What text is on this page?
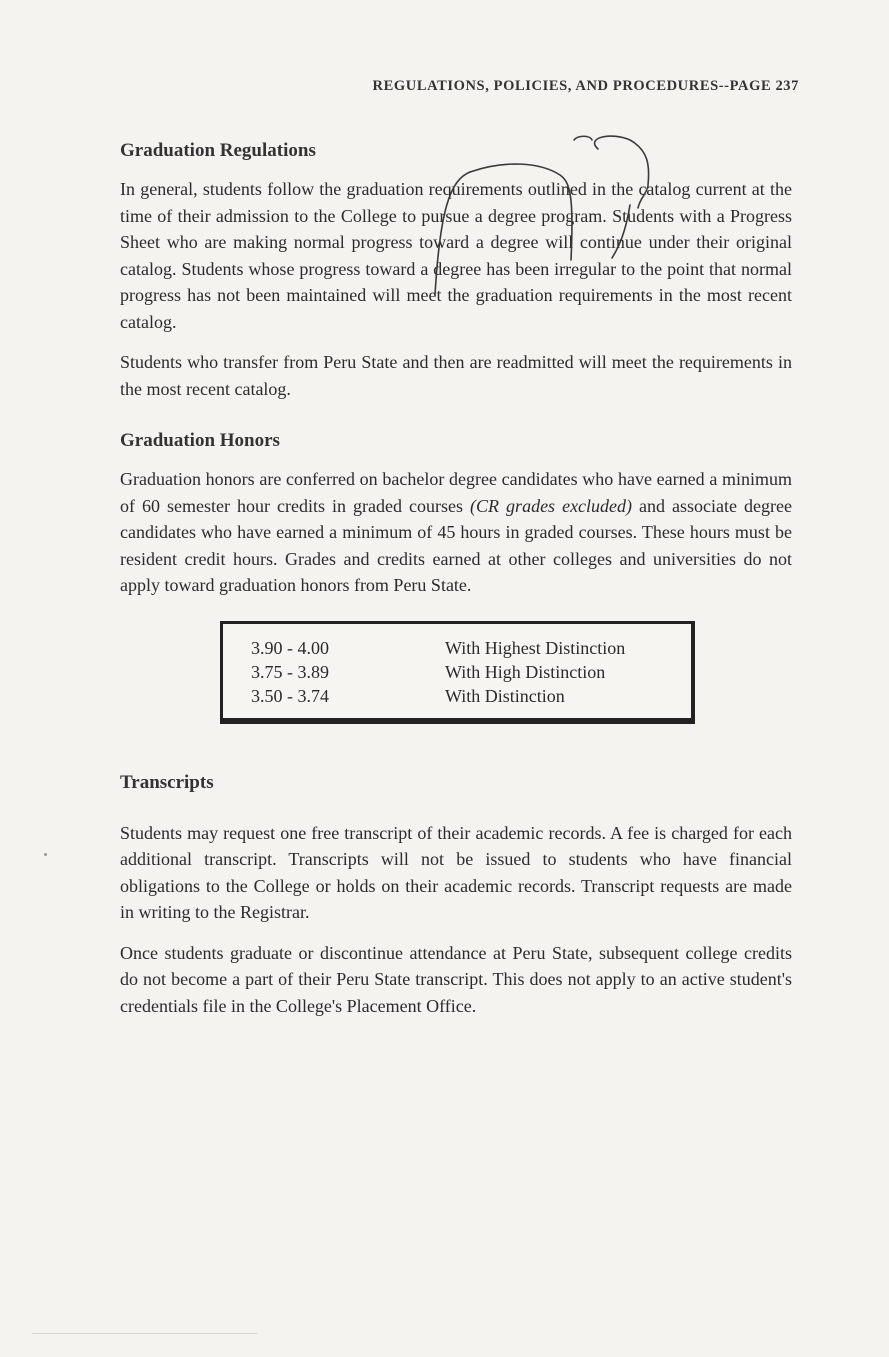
REGULATIONS, POLICIES, AND PROCEDURES--PAGE 237
Graduation Regulations

In general, students follow the graduation requirements outlined in the catalog current at the time of their admission to the College to pursue a degree program. Students with a Progress Sheet who are making normal progress toward a degree will continue under their original catalog. Students whose progress toward a degree has been irregular to the point that normal progress has not been maintained will meet the graduation requirements in the most recent catalog.

Students who transfer from Peru State and then are readmitted will meet the requirements in the most recent catalog.

Graduation Honors

Graduation honors are conferred on bachelor degree candidates who have earned a minimum of 60 semester hour credits in graded courses (CR grades excluded) and associate degree candidates who have earned a minimum of 45 hours in graded courses. These hours must be resident credit hours. Grades and credits earned at other colleges and universities do not apply toward graduation honors from Peru State.

3.90 - 4.00	With Highest Distinction
3.75 - 3.89	With High Distinction
3.50 - 3.74	With Distinction
Transcripts

Students may request one free transcript of their academic records. A fee is charged for each additional transcript. Transcripts will not be issued to students who have financial obligations to the College or holds on their academic records. Transcript requests are made in writing to the Registrar.

Once students graduate or discontinue attendance at Peru State, subsequent college credits do not become a part of their Peru State transcript. This does not apply to an active student's credentials file in the College's Placement Office.
